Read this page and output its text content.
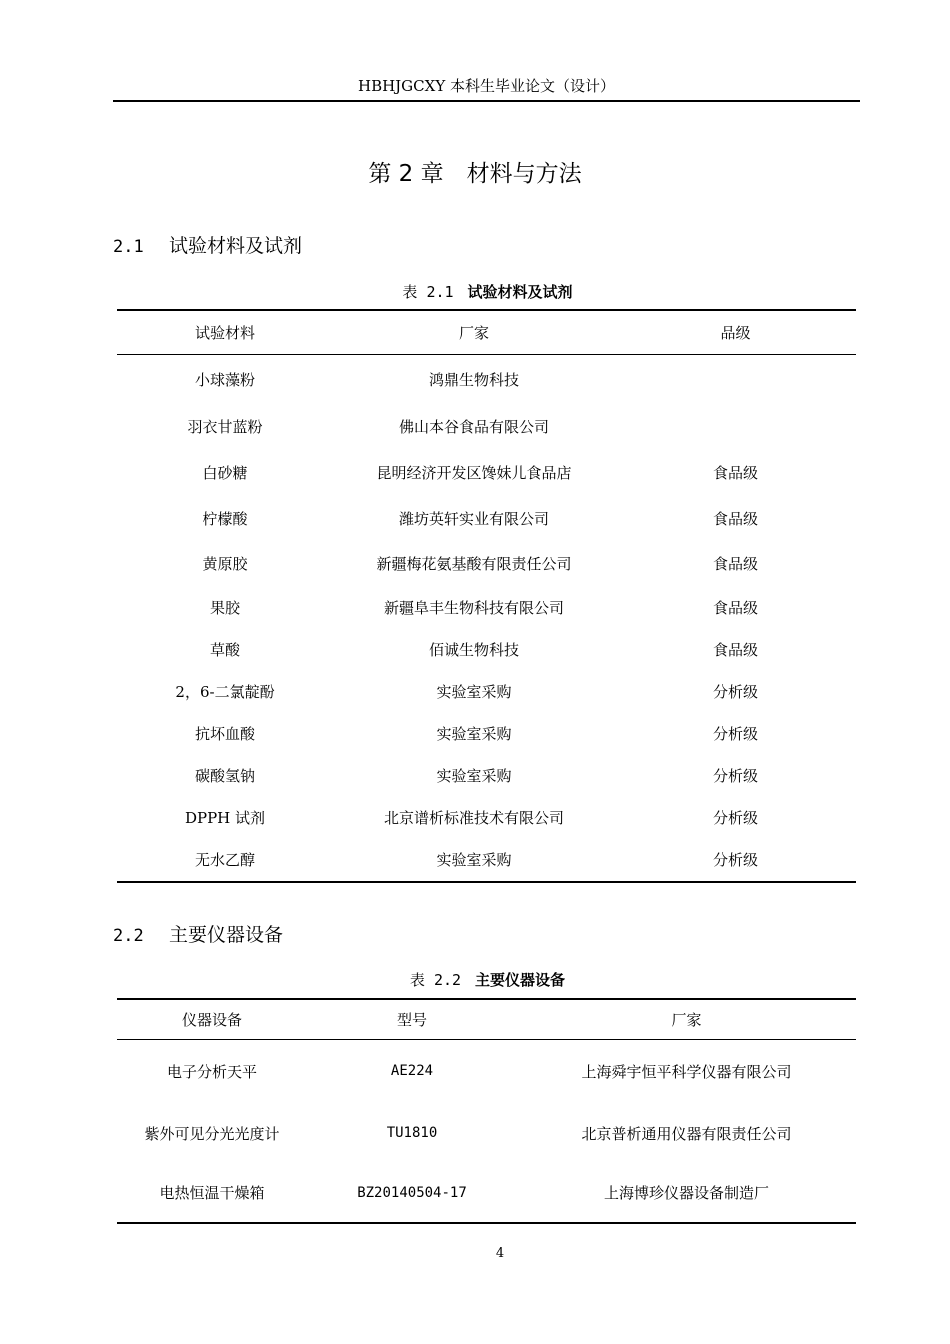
HBHJGCXY 本科生毕业论文（设计）
第 2 章　材料与方法
2.1 试验材料及试剂
表 2.1 试验材料及试剂
试验材料	厂家	品级
小球藻粉	鸿鼎生物科技	
羽衣甘蓝粉	佛山本谷食品有限公司	
白砂糖	昆明经济开发区馋妹儿食品店	食品级
柠檬酸	潍坊英轩实业有限公司	食品级
黄原胶	新疆梅花氨基酸有限责任公司	食品级
果胶	新疆阜丰生物科技有限公司	食品级
草酸	佰诚生物科技	食品级
2，6-二氯靛酚	实验室采购	分析级
抗坏血酸	实验室采购	分析级
碳酸氢钠	实验室采购	分析级
DPPH 试剂	北京谱析标准技术有限公司	分析级
无水乙醇	实验室采购	分析级
2.2 主要仪器设备
表 2.2 主要仪器设备
仪器设备	型号	厂家
电子分析天平	AE224	上海舜宇恒平科学仪器有限公司
紫外可见分光光度计	TU1810	北京普析通用仪器有限责任公司
电热恒温干燥箱	BZ20140504-17	上海博珍仪器设备制造厂
4
